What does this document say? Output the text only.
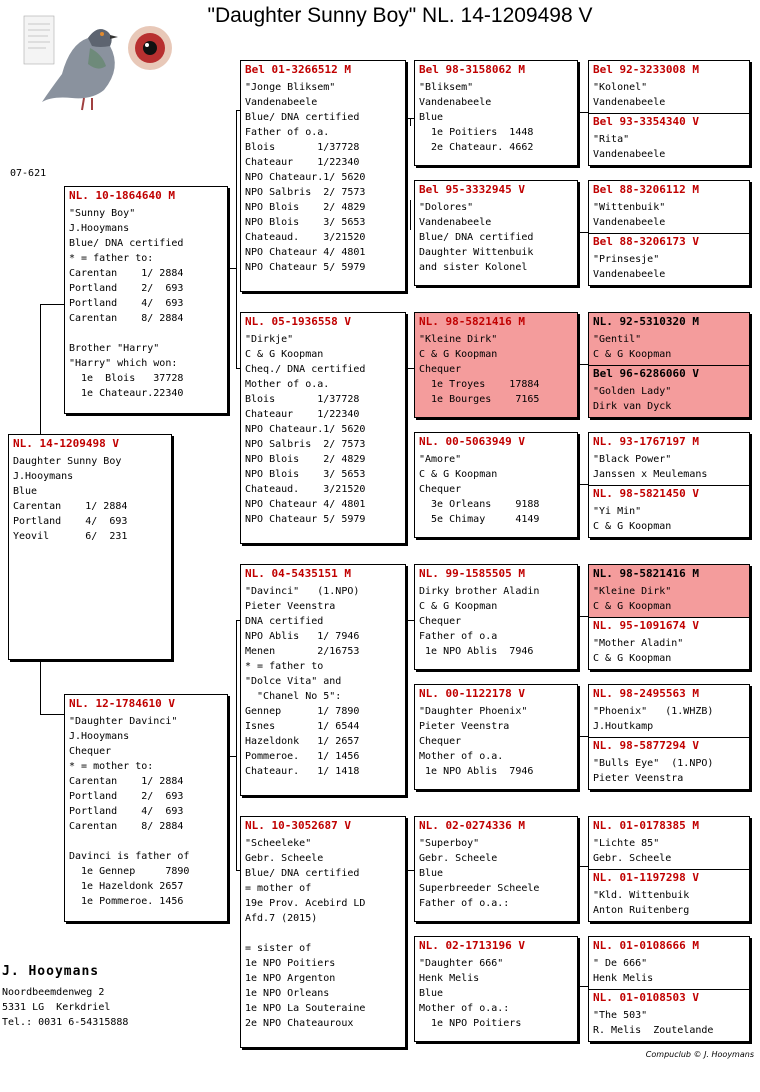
"Daughter Sunny Boy" NL. 14-1209498 V
07-621
NL. 14-1209498 V
Daughter Sunny Boy
J.Hooymans
Blue
Carentan    1/ 2884
Portland    4/  693
Yeovil      6/  231
NL. 10-1864640 M
"Sunny Boy"
J.Hooymans
Blue/ DNA certified
* = father to:
Carentan    1/ 2884
Portland    2/  693
Portland    4/  693
Carentan    8/ 2884
Brother "Harry"
"Harry" which won:
1e  Blois   37728
1e Chateaur.22340
NL. 12-1784610 V
"Daughter Davinci"
J.Hooymans
Chequer
* = mother to:
Carentan    1/ 2884
Portland    2/  693
Portland    4/  693
Carentan    8/ 2884
Davinci is father of
1e Gennep     7890
1e Hazeldonk 2657
1e Pommeroe. 1456
Bel 01-3266512 M
"Jonge Bliksem"
Vandenabeele
Blue/ DNA certified
Father of o.a.
Blois       1/37728
Chateaur    1/22340
NPO Chateaur.1/ 5620
NPO Salbris  2/ 7573
NPO Blois    2/ 4829
NPO Blois    3/ 5653
Chateaud.    3/21520
NPO Chateaur 4/ 4801
NPO Chateaur 5/ 5979
NL. 05-1936558 V
"Dirkje"
C & G Koopman
Cheq./ DNA certified
Mother of o.a.
Blois       1/37728
Chateaur    1/22340
NPO Chateaur.1/ 5620
NPO Salbris  2/ 7573
NPO Blois    2/ 4829
NPO Blois    3/ 5653
Chateaud.    3/21520
NPO Chateaur 4/ 4801
NPO Chateaur 5/ 5979
NL. 04-5435151 M
"Davinci"   (1.NPO)
Pieter Veenstra
DNA certified
NPO Ablis   1/ 7946
Menen       2/16753
* = father to
"Dolce Vita" and
"Chanel No 5":
Gennep      1/ 7890
Isnes       1/ 6544
Hazeldonk   1/ 2657
Pommeroe.   1/ 1456
Chateaur.   1/ 1418
NL. 10-3052687 V
"Scheeleke"
Gebr. Scheele
Blue/ DNA certified
= mother of
19e Prov. Acebird LD
Afd.7 (2015)
= sister of
1e NPO Poitiers
1e NPO Argenton
1e NPO Orleans
1e NPO La Souteraine
2e NPO Chateauroux
Bel 98-3158062 M
"Bliksem"
Vandenabeele
Blue
1e Poitiers  1448
2e Chateaur. 4662
Bel 95-3332945 V
"Dolores"
Vandenabeele
Blue/ DNA certified
Daughter Wittenbuik
and sister Kolonel
NL. 98-5821416 M
"Kleine Dirk"
C & G Koopman
Chequer
1e Troyes    17884
1e Bourges    7165
NL. 00-5063949 V
"Amore"
C & G Koopman
Chequer
3e Orleans    9188
5e Chimay     4149
NL. 99-1585505 M
Dirky brother Aladin
C & G Koopman
Chequer
Father of o.a
1e NPO Ablis  7946
NL. 00-1122178 V
"Daughter Phoenix"
Pieter Veenstra
Chequer
Mother of o.a.
1e NPO Ablis  7946
NL. 02-0274336 M
"Superboy"
Gebr. Scheele
Blue
Superbreeder Scheele
Father of o.a.:
NL. 02-1713196 V
"Daughter 666"
Henk Melis
Blue
Mother of o.a.:
1e NPO Poitiers
Bel 92-3233008 M
"Kolonel"
Vandenabeele
Bel 93-3354340 V
"Rita"
Vandenabeele
Bel 88-3206112 M
"Wittenbuik"
Vandenabeele
Bel 88-3206173 V
"Prinsesje"
Vandenabeele
NL. 92-5310320 M
"Gentil"
C & G Koopman
Bel 96-6286060 V
"Golden Lady"
Dirk van Dyck
NL. 93-1767197 M
"Black Power"
Janssen x Meulemans
NL. 98-5821450 V
"Yi Min"
C & G Koopman
NL. 98-5821416 M
"Kleine Dirk"
C & G Koopman
NL. 95-1091674 V
"Mother Aladin"
C & G Koopman
NL. 98-2495563 M
"Phoenix"   (1.WHZB)
J.Houtkamp
NL. 98-5877294 V
"Bulls Eye"  (1.NPO)
Pieter Veenstra
NL. 01-0178385 M
"Lichte 85"
Gebr. Scheele
NL. 01-1197298 V
"Kld. Wittenbuik
Anton Ruitenberg
NL. 01-0108666 M
" De 666"
Henk Melis
NL. 01-0108503 V
"The 503"
R. Melis  Zoutelande
J. Hooymans
Noordbeemdenweg 2
5331 LG  Kerkdriel
Tel.: 0031 6-54315888
Compuclub © J. Hooymans
